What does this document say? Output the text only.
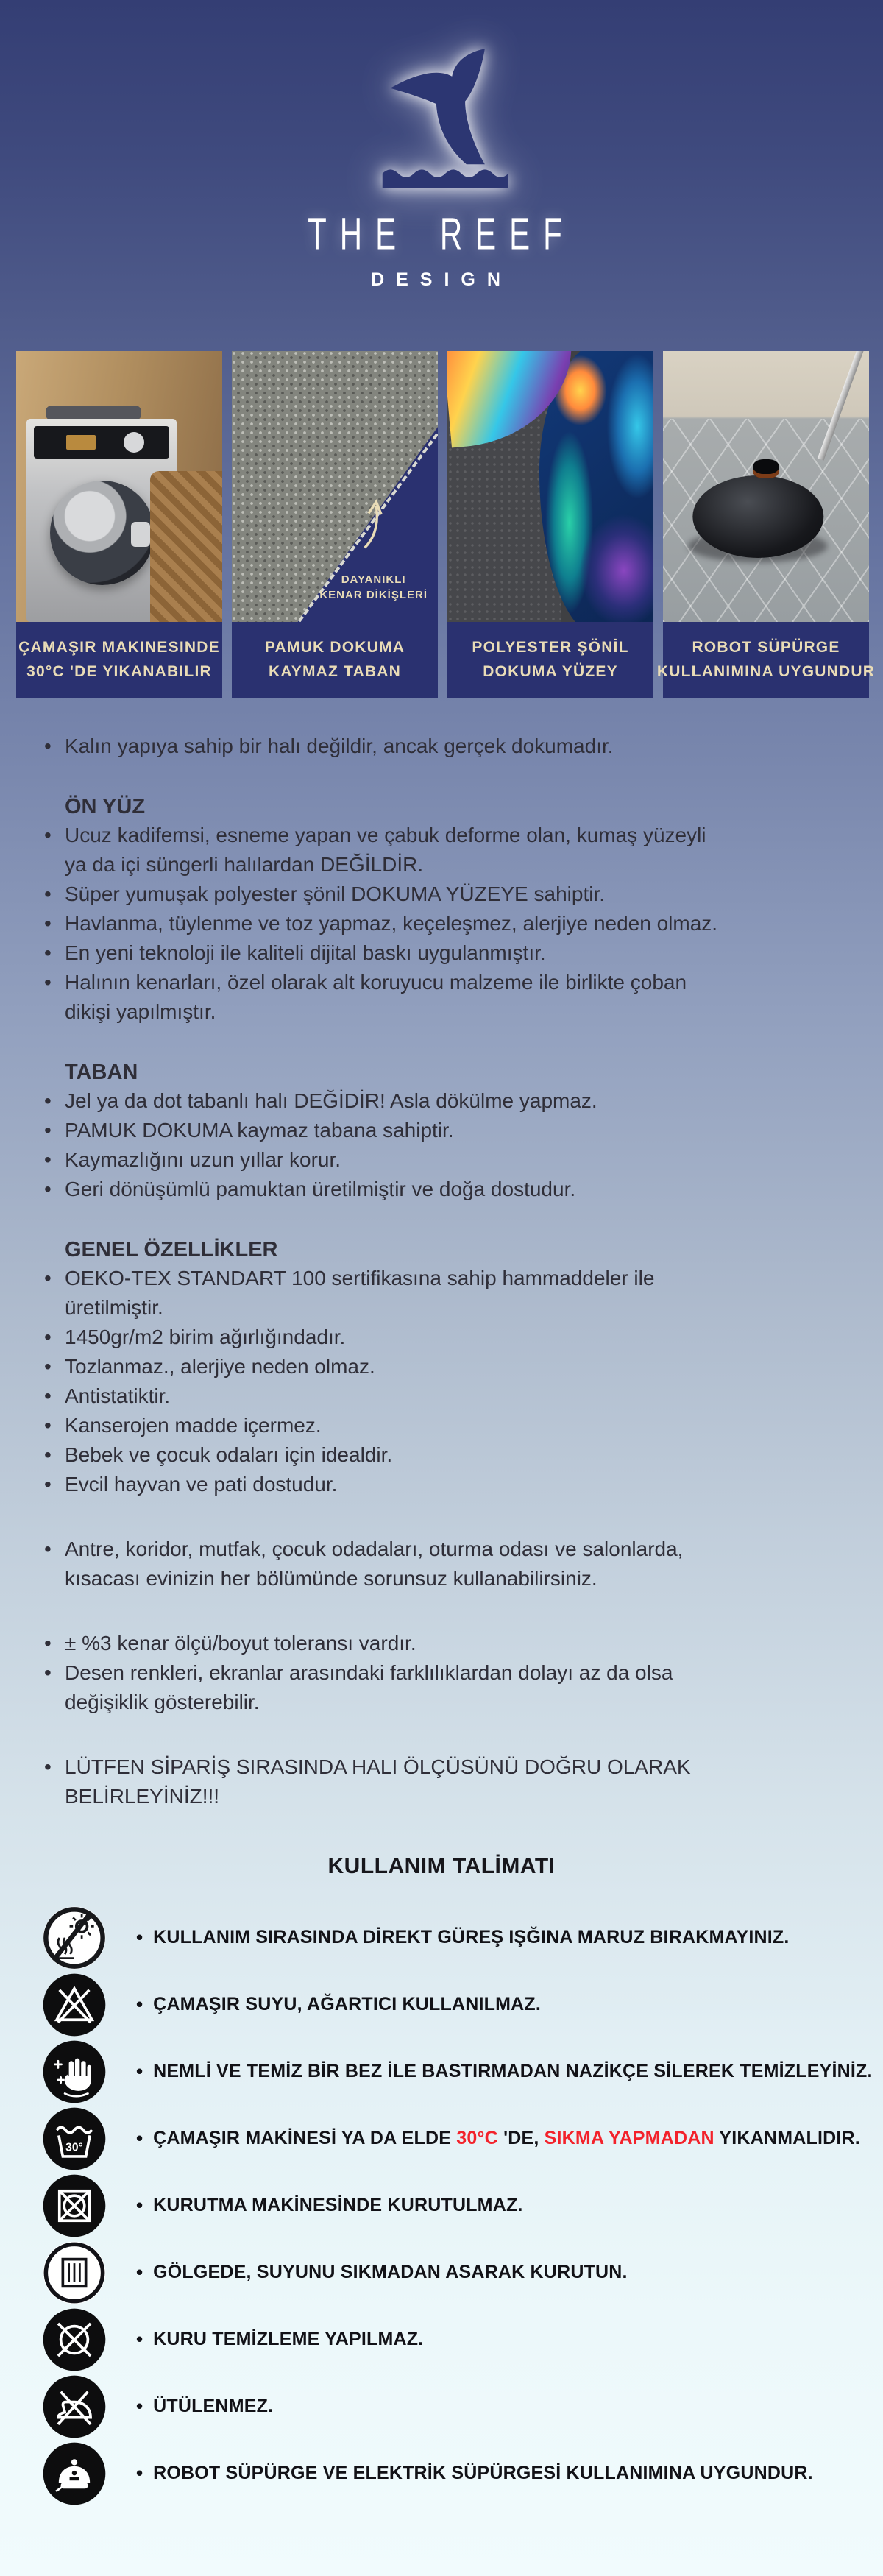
THE REEF
DESIGN
ÇAMAŞIR MAKINESINDE
30°C 'DE YIKANABILIR
DAYANIKLI
KENAR DİKİŞLERİ
PAMUK DOKUMA
KAYMAZ TABAN
POLYESTER ŞÖNİL
DOKUMA YÜZEY
ROBOT SÜPÜRGE
KULLANIMINA UYGUNDUR
• Kalın yapıya sahip bir halı değildir, ancak gerçek dokumadır.
ÖN YÜZ
• Ucuz kadifemsi, esneme yapan ve çabuk deforme olan, kumaş yüzeyli
ya da içi süngerli halılardan DEĞİLDİR.
• Süper yumuşak polyester şönil DOKUMA YÜZEYE sahiptir.
• Havlanma, tüylenme ve toz yapmaz, keçeleşmez, alerjiye neden olmaz.
• En yeni teknoloji ile kaliteli dijital baskı uygulanmıştır.
• Halının kenarları, özel olarak alt koruyucu malzeme ile birlikte çoban
dikişi yapılmıştır.
TABAN
• Jel ya da dot tabanlı halı DEĞİDİR! Asla dökülme yapmaz.
• PAMUK DOKUMA kaymaz tabana sahiptir.
• Kaymazlığını uzun yıllar korur.
• Geri dönüşümlü pamuktan üretilmiştir ve doğa dostudur.
GENEL ÖZELLİKLER
• OEKO-TEX STANDART 100 sertifikasına sahip hammaddeler ile
üretilmiştir.
• 1450gr/m2 birim ağırlığındadır.
• Tozlanmaz., alerjiye neden olmaz.
• Antistatiktir.
• Kanserojen madde içermez.
• Bebek ve çocuk odaları için idealdir.
• Evcil hayvan ve pati dostudur.
• Antre, koridor, mutfak, çocuk odadaları, oturma odası ve salonlarda,
kısacası evinizin her bölümünde sorunsuz kullanabilirsiniz.
• ± %3 kenar ölçü/boyut toleransı vardır.
• Desen renkleri, ekranlar arasındaki farklılıklardan dolayı az da olsa
değişiklik gösterebilir.
• LÜTFEN SİPARİŞ SIRASINDA HALI ÖLÇÜSÜNÜ DOĞRU OLARAK BELİRLEYİNİZ!!!
KULLANIM TALİMATI
• KULLANIM SIRASINDA DİREKT GÜREŞ IŞĞINA MARUZ BIRAKMAYINIZ.
• ÇAMAŞIR SUYU, AĞARTICI KULLANILMAZ.
• NEMLİ VE TEMİZ BİR BEZ İLE BASTIRMADAN NAZİKÇE SİLEREK TEMİZLEYİNİZ.
30°	• ÇAMAŞIR MAKİNESİ YA DA ELDE 30°C 'DE, SIKMA YAPMADAN YIKANMALIDIR.
• KURUTMA MAKİNESİNDE KURUTULMAZ.
• GÖLGEDE, SUYUNU SIKMADAN ASARAK KURUTUN.
• KURU TEMİZLEME YAPILMAZ.
• ÜTÜLENMEZ.
• ROBOT SÜPÜRGE VE ELEKTRİK SÜPÜRGESİ KULLANIMINA UYGUNDUR.
